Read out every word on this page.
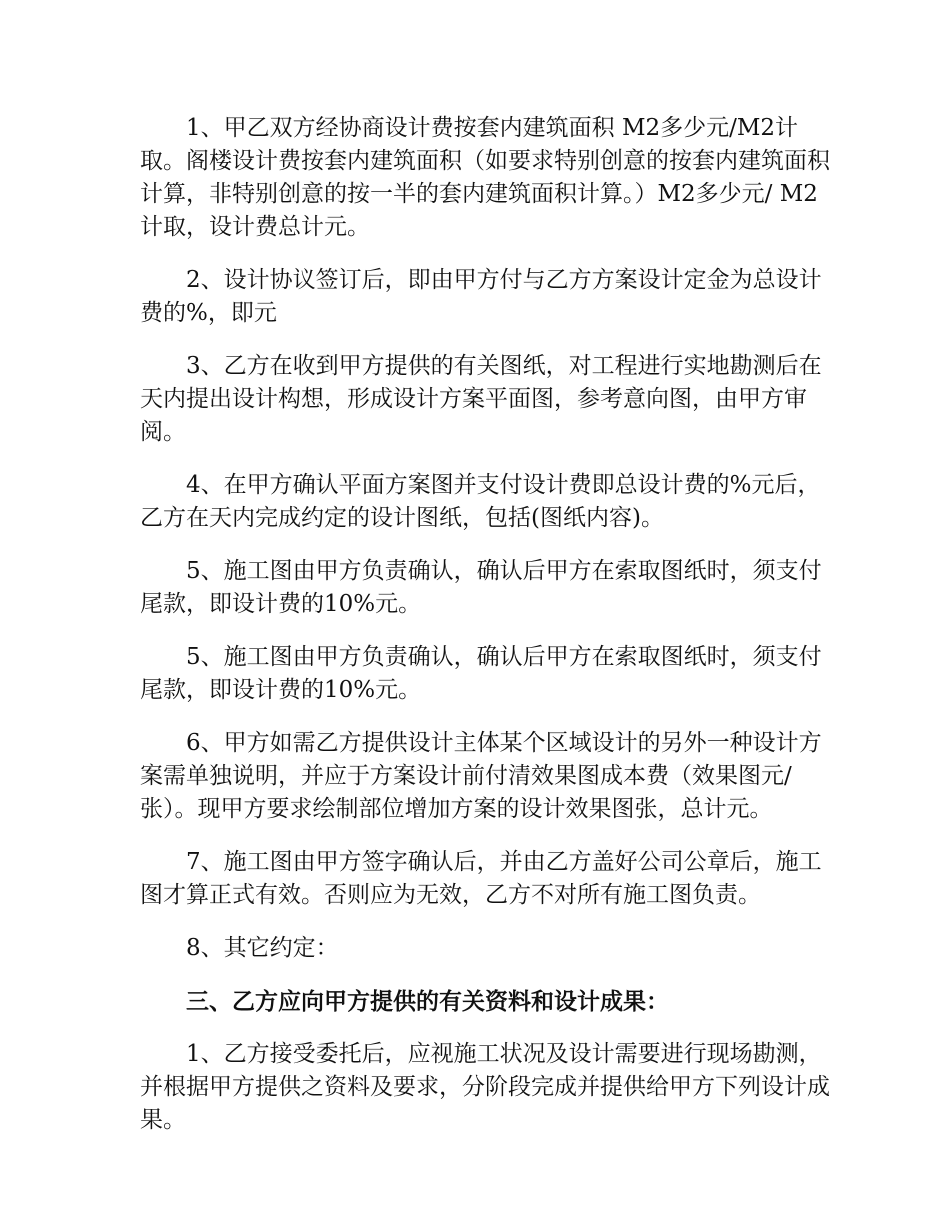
1、甲乙双方经协商设计费按套内建筑面积 M2多少元/M2计取。阁楼设计费按套内建筑面积（如要求特别创意的按套内建筑面积计算，非特别创意的按一半的套内建筑面积计算。）M2多少元/ M2计取，设计费总计元。

2、设计协议签订后，即由甲方付与乙方方案设计定金为总设计费的%，即元

3、乙方在收到甲方提供的有关图纸，对工程进行实地勘测后在天内提出设计构想，形成设计方案平面图，参考意向图，由甲方审阅。

4、在甲方确认平面方案图并支付设计费即总设计费的%元后，乙方在天内完成约定的设计图纸，包括(图纸内容)。

5、施工图由甲方负责确认，确认后甲方在索取图纸时，须支付尾款，即设计费的10%元。

5、施工图由甲方负责确认，确认后甲方在索取图纸时，须支付尾款，即设计费的10%元。

6、甲方如需乙方提供设计主体某个区域设计的另外一种设计方案需单独说明，并应于方案设计前付清效果图成本费（效果图元/张）。现甲方要求绘制部位增加方案的设计效果图张，总计元。

7、施工图由甲方签字确认后，并由乙方盖好公司公章后，施工图才算正式有效。否则应为无效，乙方不对所有施工图负责。

8、其它约定：

三、乙方应向甲方提供的有关资料和设计成果：

1、乙方接受委托后，应视施工状况及设计需要进行现场勘测，并根据甲方提供之资料及要求，分阶段完成并提供给甲方下列设计成果。
